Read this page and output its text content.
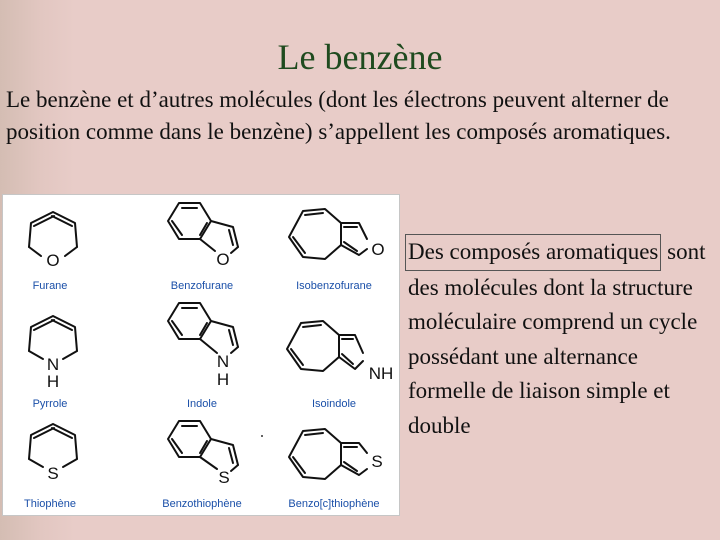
Le benzène
Le benzène et d’autres molécules (dont les électrons peuvent alterner de position comme dans le benzène) s’appellent les composés aromatiques.
O
Furane
O
Benzofurane
O
Isobenzofurane
N
H
Pyrrole
N
H
Indole
NH
Isoindole
S
Thiophène
S
Benzothiophène
S
Benzo[c]thiophène
Des composés aromatiques sont des molécules dont la structure moléculaire comprend un cycle possédant une alternance formelle de liaison simple et double
